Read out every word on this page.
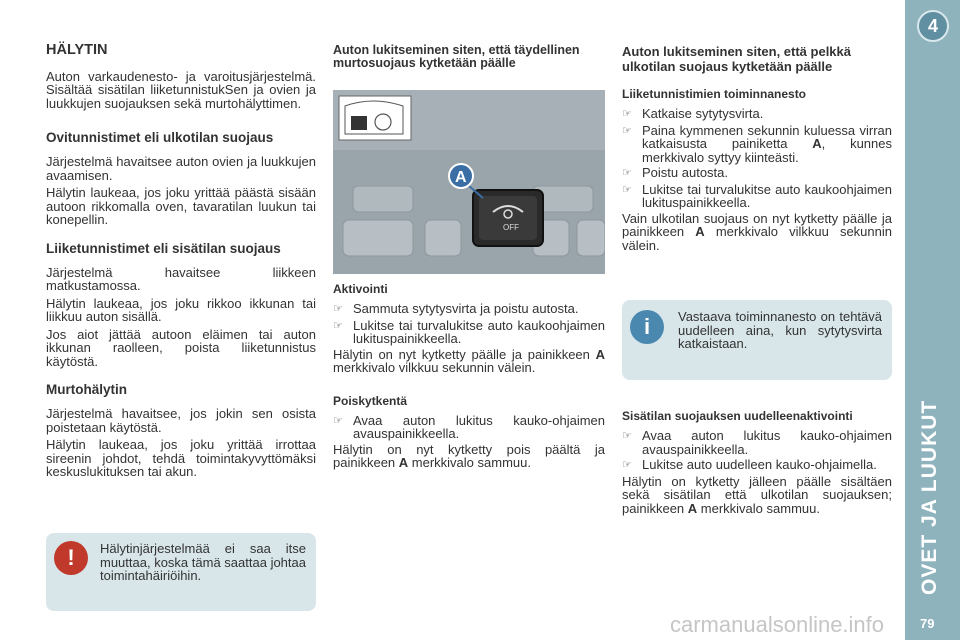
4
OVET JA LUUKUT
79
HÄLYTIN
Auton varkaudenesto- ja varoitusjärjestelmä. Sisältää sisätilan liiketunnistukSen ja ovien ja luukkujen suojauksen sekä murtohälyttimen.
Ovitunnistimet eli ulkotilan suojaus
Järjestelmä havaitsee auton ovien ja luukkujen avaamisen.
Hälytin laukeaa, jos joku yrittää päästä sisään autoon rikkomalla oven, tavaratilan luukun tai konepellin.
Liiketunnistimet eli sisätilan suojaus
Järjestelmä havaitsee liikkeen matkustamossa.
Hälytin laukeaa, jos joku rikkoo ikkunan tai liikkuu auton sisällä.
Jos aiot jättää autoon eläimen tai auton ikkunan raolleen, poista liiketunnistus käytöstä.
Murtohälytin
Järjestelmä havaitsee, jos jokin sen osista poistetaan käytöstä.
Hälytin laukeaa, jos joku yrittää irrottaa sireenin johdot, tehdä toimintakyvyttömäksi keskuslukituksen tai akun.
!	Hälytinjärjestelmää ei saa itse muuttaa, koska tämä saattaa johtaa toimintahäiriöihin.
Auton lukitseminen siten, että täydellinen murtosuojaus kytketään päälle
OFF
A
Aktivointi
☞ Sammuta sytytysvirta ja poistu autosta.
☞ Lukitse tai turvalukitse auto kaukoohjaimen lukituspainikkeella.
Hälytin on nyt kytketty päälle ja painikkeen A merkkivalo vilkkuu sekunnin välein.
Poiskytkentä
☞ Avaa auton lukitus kauko-ohjaimen avauspainikkeella.
Hälytin on nyt kytketty pois päältä ja painikkeen A merkkivalo sammuu.
Auton lukitseminen siten, että pelkkä ulkotilan suojaus kytketään päälle
Liiketunnistimien toiminnanesto
☞ Katkaise sytytysvirta.
☞ Paina kymmenen sekunnin kuluessa virran katkaisusta painiketta A, kunnes merkkivalo syttyy kiinteästi.
☞ Poistu autosta.
☞ Lukitse tai turvalukitse auto kaukoohjaimen lukituspainikkeella.
Vain ulkotilan suojaus on nyt kytketty päälle ja painikkeen A merkkivalo vilkkuu sekunnin välein.
i	Vastaava toiminnanesto on tehtävä uudelleen aina, kun sytytysvirta katkaistaan.
Sisätilan suojauksen uudelleenaktivointi
☞ Avaa auton lukitus kauko-ohjaimen avauspainikkeella.
☞ Lukitse auto uudelleen kauko-ohjaimella.
Hälytin on kytketty jälleen päälle sisältäen sekä sisätilan että ulkotilan suojauksen; painikkeen A merkkivalo sammuu.
carmanualsonline.info
